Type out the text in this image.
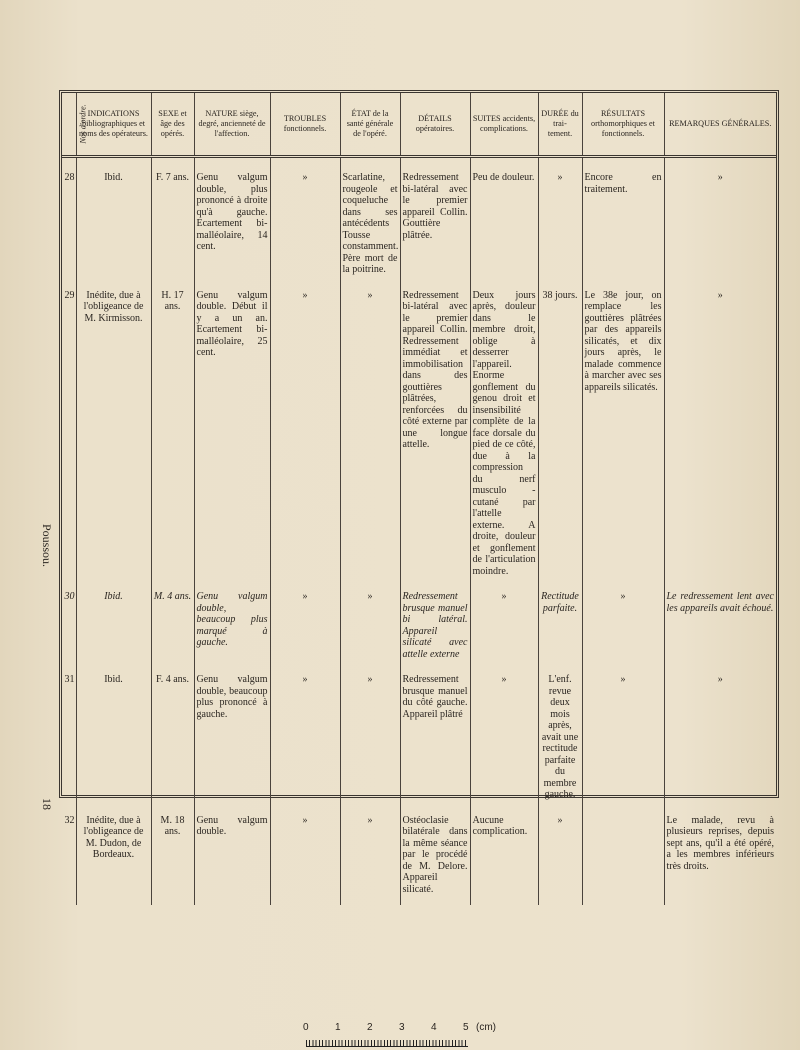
Nos d'ordre.	INDICATIONS bibliographiques et noms des opérateurs.	SEXE et âge des opérés.	NATURE siège, degré, ancienneté de l'affection.	TROUBLES fonctionnels.	ÉTAT de la santé générale de l'opéré.	DÉTAILS opératoires.	SUITES accidents, complications.	DURÉE du trai- tement.	RÉSULTATS orthomorphiques et fonctionnels.	REMARQUES GÉNÉRALES.
28	Ibid.	F. 7 ans.	Genu valgum double, plus prononcé à droite qu'à gauche. Ecartement bi-malléolaire, 14 cent.	»	Scarlatine, rougeole et coqueluche dans ses antécédents Tousse constamment. Père mort de la poitrine.	Redressement bi-latéral avec le premier appareil Collin. Gouttière plâtrée.	Peu de douleur.	»	Encore en traitement.	»
29	Inédite, due à l'obligeance de M. Kirmisson.	H. 17 ans.	Genu valgum double. Début il y a un an. Ecartement bi-malléolaire, 25 cent.	»	»	Redressement bi-latéral avec le premier appareil Collin. Redressement immédiat et immobilisation dans des gouttières plâtrées, renforcées du côté externe par une longue attelle.	Deux jours après, douleur dans le membre droit, oblige à desserrer l'appareil. Enorme gonflement du genou droit et insensibilité complète de la face dorsale du pied de ce côté, due à la compression du nerf musculo - cutané par l'attelle externe. A droite, douleur et gonflement de l'articulation moindre.	38 jours.	Le 38e jour, on remplace les gouttières plâtrées par des appareils silicatés, et dix jours après, le malade commence à marcher avec ses appareils silicatés.	»
30	Ibid.	M. 4 ans.	Genu valgum double, beaucoup plus marqué à gauche.	»	»	Redressement brusque manuel bi latéral. Appareil silicaté avec attelle externe	»	Rectitude parfaite.	»	Le redressement lent avec les appareils avait échoué.
31	Ibid.	F. 4 ans.	Genu valgum double, beaucoup plus prononcé à gauche.	»	»	Redressement brusque manuel du côté gauche. Appareil plâtré	»	L'enf. revue deux mois après, avait une rectitude parfaite du membre gauche.	»	»
32	Inédite, due à l'obligeance de M. Dudon, de Bordeaux.	M. 18 ans.	Genu valgum double.	»	»	Ostéoclasie bilatérale dans la même séance par le procédé de M. Delore. Appareil silicaté.	Aucune complication.	»		Le malade, revu à plusieurs reprises, depuis sept ans, qu'il a été opéré, a les membres inférieurs très droits.
Poussou.
18
0	1	2	3	4	5 (cm)
